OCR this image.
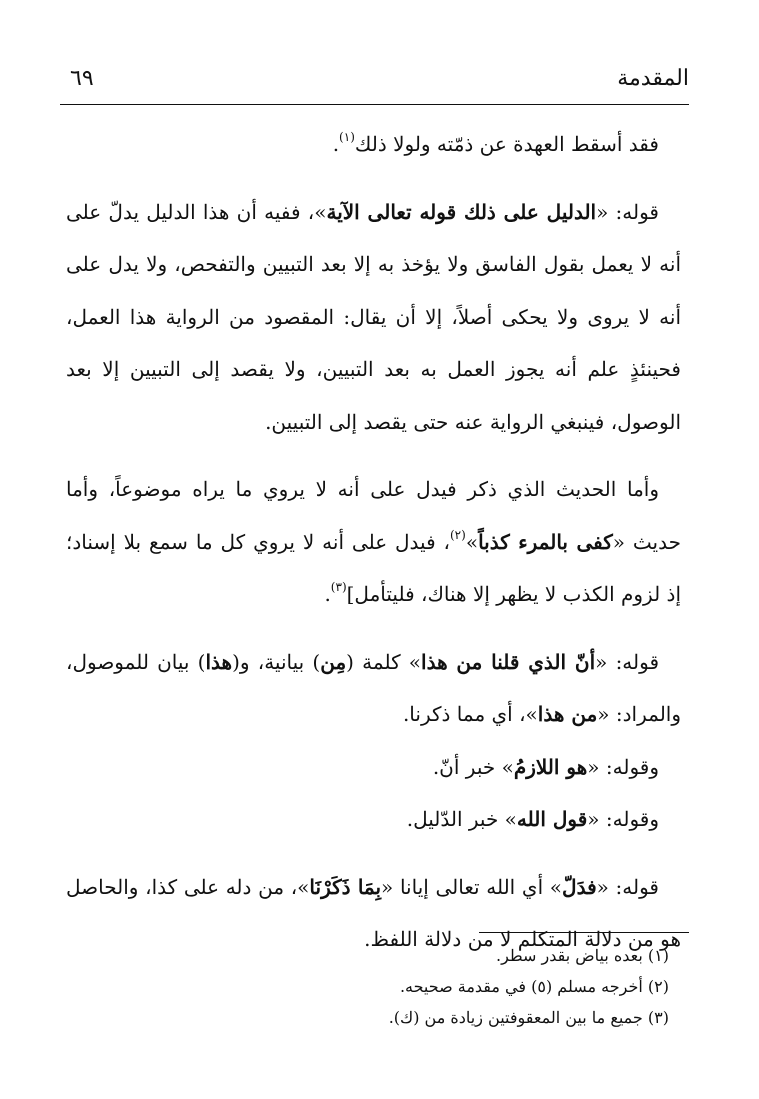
المقدمة
٦٩

فقد أسقط العهدة عن ذمّته ولولا ذلك$^{(١)}$.

قوله: «الدليل على ذلك قوله تعالى الآية»، ففيه أن هذا الدليل يدلّ على أنه لا يعمل بقول الفاسق ولا يؤخذ به إلا بعد التبيين والتفحص، ولا يدل على أنه لا يروى ولا يحكى أصلاً، إلا أن يقال: المقصود من الرواية هذا العمل، فحينئذٍ علم أنه يجوز العمل به بعد التبيين، ولا يقصد إلى التبيين إلا بعد الوصول، فينبغي الرواية عنه حتى يقصد إلى التبيين.

وأما الحديث الذي ذكر فيدل على أنه لا يروي ما يراه موضوعاً، وأما حديث «كفى بالمرء كذباً»$^{(٢)}$، فيدل على أنه لا يروي كل ما سمع بلا إسناد؛ إذ لزوم الكذب لا يظهر إلا هناك، فليتأمل]$^{(٣)}$.

قوله: «أنّ الذي قلنا من هذا» كلمة (مِن) بيانية، و(هذا) بيان للموصول، والمراد: «من هذا»، أي مما ذكرنا.

وقوله: «هو اللازمُ» خبر أنّ.

وقوله: «قول الله» خبر الدّليل.

قوله: «فدَلّ» أي الله تعالى إيانا «بِمَا ذَكَرْنَا»، من دله على كذا، والحاصل هو من دلالة المتكلم لا من دلالة اللفظ.

(١) بعده بياض بقدر سطر.
(٢) أخرجه مسلم (٥) في مقدمة صحيحه.
(٣) جميع ما بين المعقوفتين زيادة من (ك).
